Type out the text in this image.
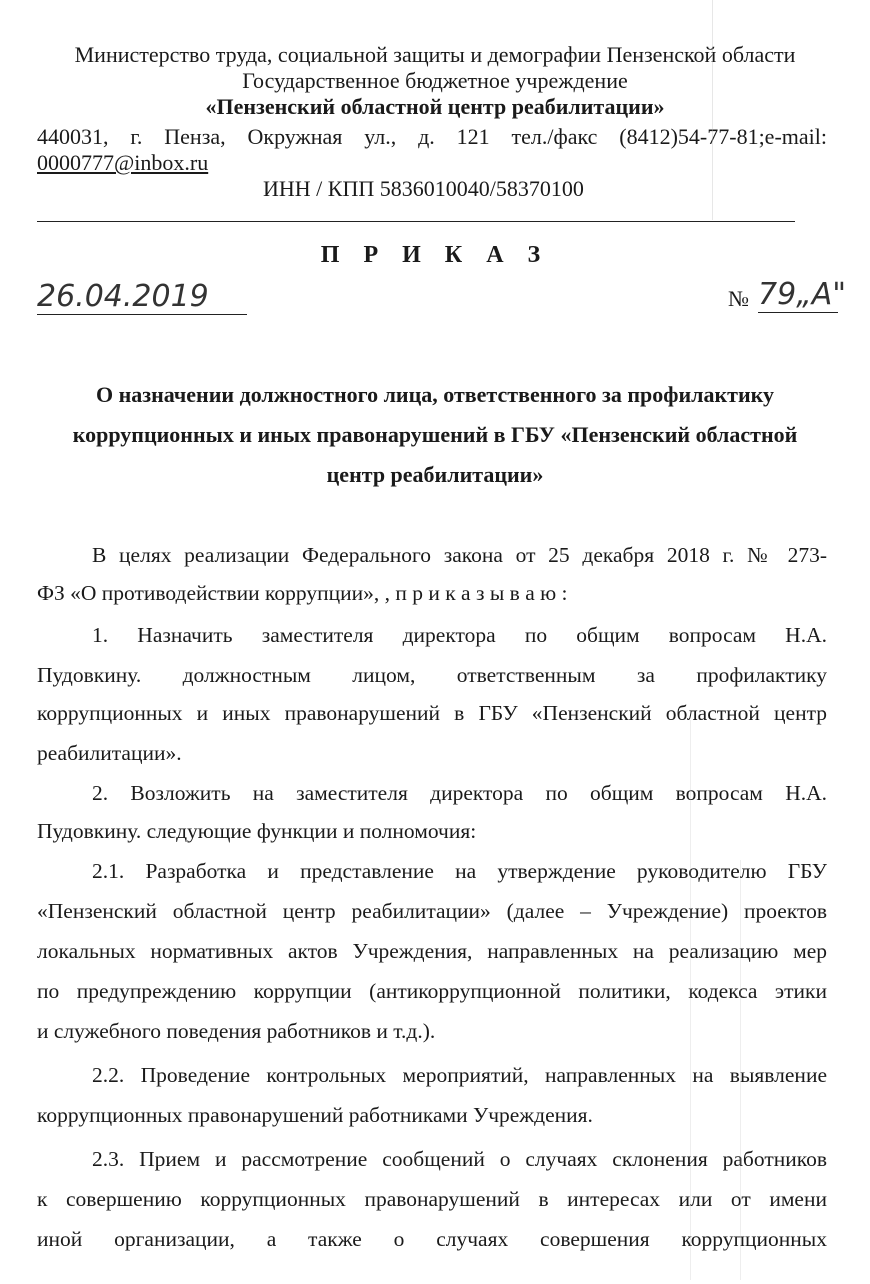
Министерство труда, социальной защиты и демографии Пензенской области
Государственное бюджетное учреждение
«Пензенский областной центр реабилитации»
440031, г. Пенза, Окружная ул., д. 121 тел./факс (8412)54-77-81;e-mail:
0000777@inbox.ru
ИНН / КПП 5836010040/58370100
П Р И К А З
26.04.2019	№ 79„А"
О назначении должностного лица, ответственного за профилактику
коррупционных и иных правонарушений в ГБУ «Пензенский областной
центр реабилитации»
В целях реализации Федерального закона от 25 декабря 2018 г. № 273-
ФЗ «О противодействии коррупции», , п р и к а з ы в а ю :
1. Назначить заместителя директора по общим вопросам Н.А.
Пудовкину. должностным лицом, ответственным за профилактику
коррупционных и иных правонарушений в ГБУ «Пензенский областной центр
реабилитации».
2. Возложить на заместителя директора по общим вопросам Н.А.
Пудовкину. следующие функции и полномочия:
2.1. Разработка и представление на утверждение руководителю ГБУ
«Пензенский областной центр реабилитации» (далее – Учреждение) проектов
локальных нормативных актов Учреждения, направленных на реализацию мер
по предупреждению коррупции (антикоррупционной политики, кодекса этики
и служебного поведения работников и т.д.).
2.2. Проведение контрольных мероприятий, направленных на выявление
коррупционных правонарушений работниками Учреждения.
2.3. Прием и рассмотрение сообщений о случаях склонения работников
к совершению коррупционных правонарушений в интересах или от имени
иной организации, а также о случаях совершения коррупционных
